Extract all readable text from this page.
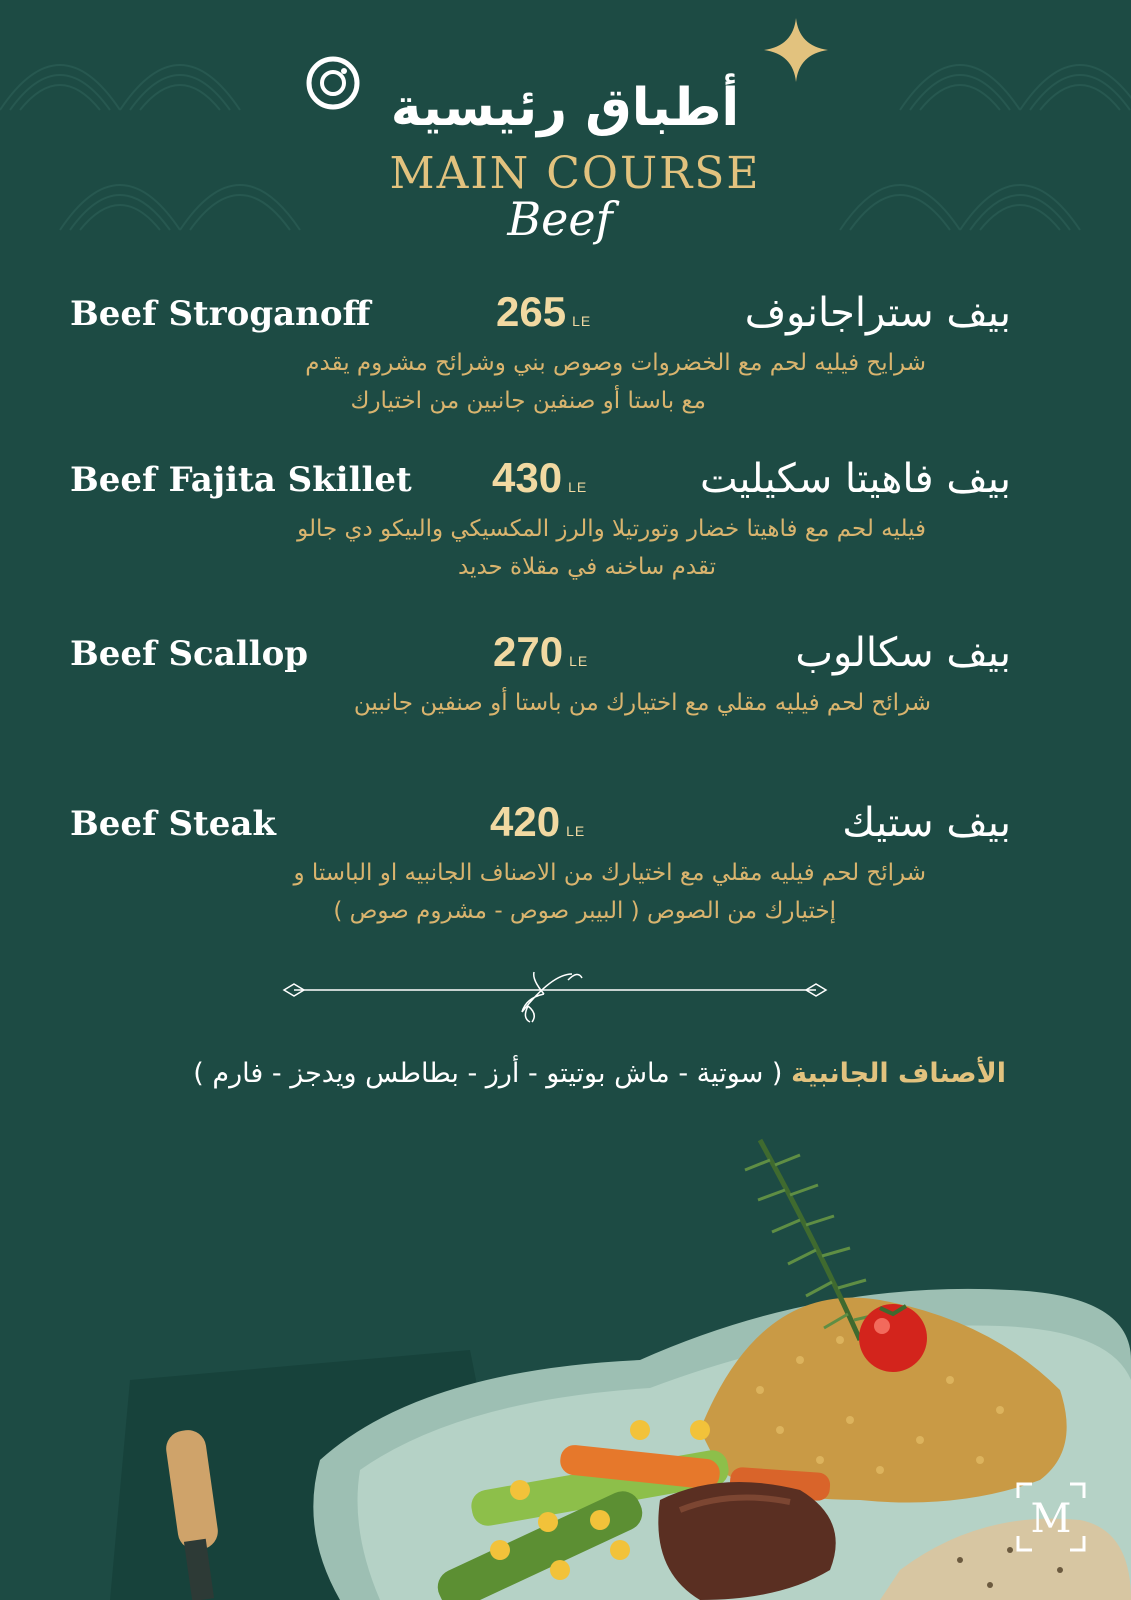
أطباق رئيسية
MAIN COURSE
Beef
Beef Stroganoff	265 LE	بيف ستراجانوف
شرايح فيليه لحم مع الخضروات وصوص بني وشرائح مشروم يقدم
مع باستا أو صنفين جانبين من اختيارك
Beef Fajita Skillet 430 LE	بيف فاهيتا سكيليت
فيليه لحم مع فاهيتا خضار وتورتيلا والرز المكسيكي والبيكو دي جالو
تقدم ساخنه في مقلاة حديد
Beef Scallop	270 LE	بيف سكالوب
شرائح لحم فيليه مقلي مع اختيارك من باستا أو صنفين جانبين
Beef Steak	420 LE	بيف ستيك
شرائح لحم فيليه مقلي مع اختيارك من الاصناف الجانبيه او الباستا و
إختيارك من الصوص ( البيبر صوص - مشروم صوص )
الأصناف الجانبية ( سوتية - ماش بوتيتو - أرز - بطاطس ويدجز - فارم )
M
